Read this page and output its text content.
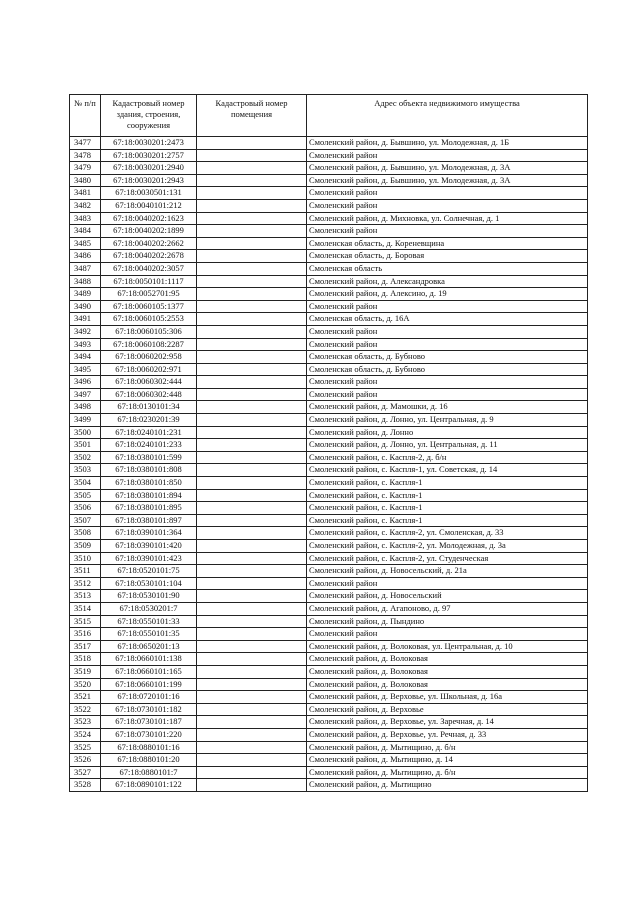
№ п/п	Кадастровый номер здания, строения, сооружения	Кадастровый номер помещения	Адрес объекта недвижимого имущества

3477	67:18:0030201:2473		Смоленский район, д. Бывшино, ул. Молодежная, д. 1Б
3478	67:18:0030201:2757		Смоленский район
3479	67:18:0030201:2940		Смоленский район, д. Бывшино, ул. Молодежная, д. 3А
3480	67:18:0030201:2943		Смоленский район, д. Бывшино, ул. Молодежная, д. 3А
3481	67:18:0030501:131		Смоленский район
3482	67:18:0040101:212		Смоленский район
3483	67:18:0040202:1623		Смоленский район, д. Михновка, ул. Солнечная, д. 1
3484	67:18:0040202:1899		Смоленский район
3485	67:18:0040202:2662		Смоленская область, д. Кореневщина
3486	67:18:0040202:2678		Смоленская область, д. Боровая
3487	67:18:0040202:3057		Смоленская область
3488	67:18:0050101:1117		Смоленский район, д. Александровка
3489	67:18:0052701:95		Смоленский район, д. Алексино, д. 19
3490	67:18:0060105:1377		Смоленский район
3491	67:18:0060105:2553		Смоленская область, д. 16А
3492	67:18:0060105:306		Смоленский район
3493	67:18:0060108:2287		Смоленский район
3494	67:18:0060202:958		Смоленская область, д. Бубново
3495	67:18:0060202:971		Смоленская область, д. Бубново
3496	67:18:0060302:444		Смоленский район
3497	67:18:0060302:448		Смоленский район
3498	67:18:0130101:34		Смоленский район, д. Мамошки, д. 16
3499	67:18:0230201:39		Смоленский район, д. Лонно, ул. Центральная, д. 9
3500	67:18:0240101:231		Смоленский район, д. Лонно
3501	67:18:0240101:233		Смоленский район, д. Лонно, ул. Центральная, д. 11
3502	67:18:0380101:599		Смоленский район, с. Каспля-2, д. б/н
3503	67:18:0380101:808		Смоленский район, с. Каспля-1, ул. Советская, д. 14
3504	67:18:0380101:850		Смоленский район, с. Каспля-1
3505	67:18:0380101:894		Смоленский район, с. Каспля-1
3506	67:18:0380101:895		Смоленский район, с. Каспля-1
3507	67:18:0380101:897		Смоленский район, с. Каспля-1
3508	67:18:0390101:364		Смоленский район, с. Каспля-2, ул. Смоленская, д. 33
3509	67:18:0390101:420		Смоленский район, с. Каспля-2, ул. Молодежная, д. 3а
3510	67:18:0390101:423		Смоленский район, с. Каспля-2, ул. Студенческая
3511	67:18:0520101:75		Смоленский район, д. Новосельский, д. 21а
3512	67:18:0530101:104		Смоленский район
3513	67:18:0530101:90		Смоленский район, д. Новосельский
3514	67:18:0530201:7		Смоленский район, д. Агапоново, д. 97
3515	67:18:0550101:33		Смоленский район, д. Пындино
3516	67:18:0550101:35		Смоленский район
3517	67:18:0650201:13		Смоленский район, д. Волоковая, ул. Центральная, д. 10
3518	67:18:0660101:138		Смоленский район, д. Волоковая
3519	67:18:0660101:165		Смоленский район, д. Волоковая
3520	67:18:0660101:199		Смоленский район, д. Волоковая
3521	67:18:0720101:16		Смоленский район, д. Верховье, ул. Школьная, д. 16а
3522	67:18:0730101:182		Смоленский район, д. Верховье
3523	67:18:0730101:187		Смоленский район, д. Верховье, ул. Заречная, д. 14
3524	67:18:0730101:220		Смоленский район, д. Верховье, ул. Речная, д. 33
3525	67:18:0880101:16		Смоленский район, д. Мытищино, д. б/н
3526	67:18:0880101:20		Смоленский район, д. Мытищино, д. 14
3527	67:18:0880101:7		Смоленский район, д. Мытищино, д. б/н
3528	67:18:0890101:122		Смоленский район, д. Мытищино
